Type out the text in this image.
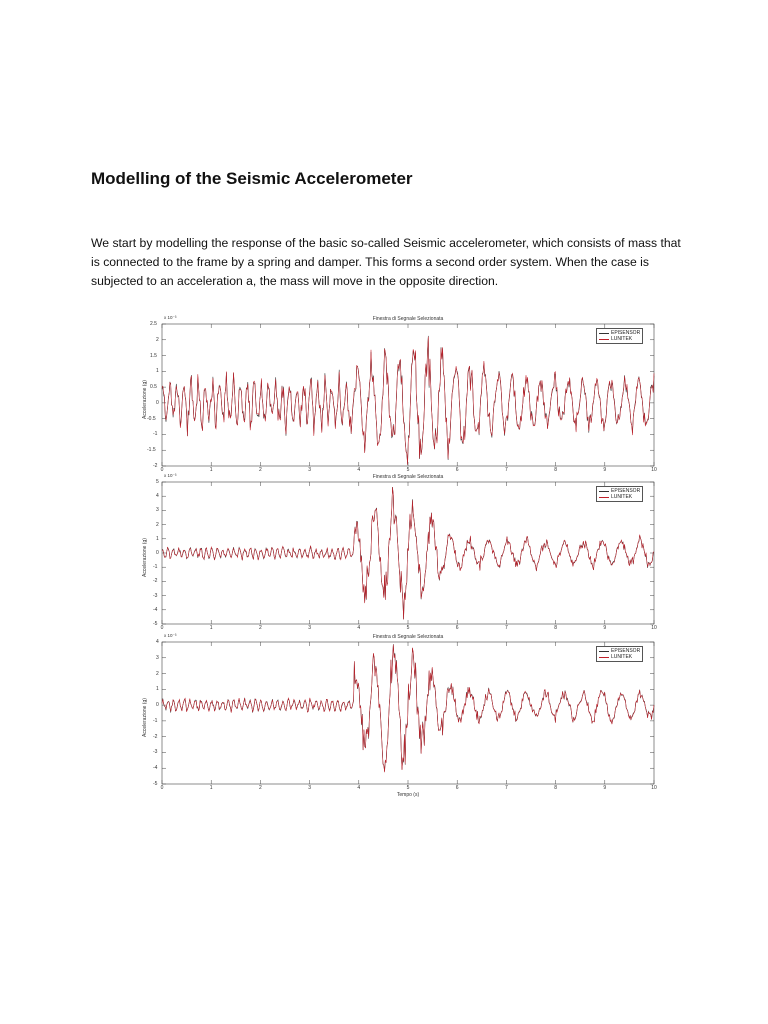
Modelling of the Seismic Accelerometer
We start by modelling the response of the basic so-called Seismic accelerometer, which consists of mass that is connected to the frame by a spring and damper. This forms a second order system. When the case is subjected to an acceleration a, the mass will move in the opposite direction.
2.5
2
1.5
1
0.5
0
-0.5
-1
-1.5
-2
0	1	2	3	4	5	6	7	8	9	10
Finestra di Segnale Selezionata
x 10⁻³
Accelerazione (g)
EPISENSOR
LUNITEK
5
4
3
2
1
0
-1
-2
-3
-4
-5
0	1	2	3	4	5	6	7	8	9	10
Finestra di Segnale Selezionata
x 10⁻³
Accelerazione (g)
EPISENSOR
LUNITEK
4
3
2
1
0
-1
-2
-3
-4
-5
0	1	2	3	4	5	6	7	8	9	10
Finestra di Segnale Selezionata
x 10⁻³
Accelerazione (g)
Tempo (s)
EPISENSOR
LUNITEK
